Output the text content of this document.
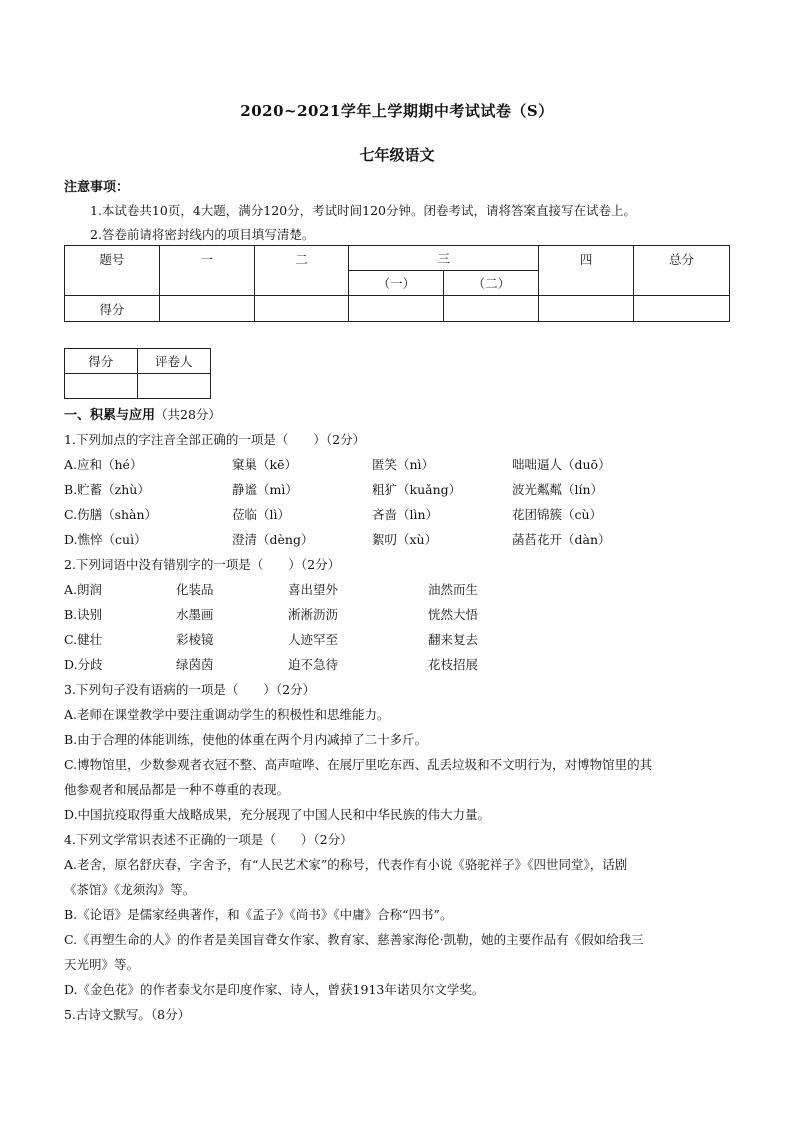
2020~2021学年上学期期中考试试卷（S）
七年级语文
注意事项：
1.本试卷共10页，4大题，满分120分，考试时间120分钟。闭卷考试，请将答案直接写在试卷上。
2.答卷前请将密封线内的项目填写清楚。
题号	一	二	三		四	总分
			（一）	（二）		
得分						
得分	评卷人

一、积累与应用（共28分）
1.下列加点的字注音全部正确的一项是（　　）（2分）
A.应和（hé）	窠巢（kē）	匿笑（nì）	咄咄逼人（duō）
B.贮蓄（zhù）	静谧（mì）	粗犷（kuǎng）	波光粼粼（lín）
C.伤膳（shàn）	莅临（lì）	吝啬（lìn）	花团锦簇（cù）
D.憔悴（cuì）	澄清（dèng）	絮叨（xù）	菡萏花开（dàn）
2.下列词语中没有错别字的一项是（　　）（2分）
A.朗润	化装品	喜出望外	油然而生
B.诀别	水墨画	淅淅沥沥	恍然大悟
C.健壮	彩棱镜	人迹罕至	翻来复去
D.分歧	绿茵茵	迫不急待	花枝招展
3.下列句子没有语病的一项是（　　）（2分）
A.老师在课堂教学中要注重调动学生的积极性和思维能力。
B.由于合理的体能训练，使他的体重在两个月内减掉了二十多斤。
C.博物馆里，少数参观者衣冠不整、高声喧哗、在展厅里吃东西、乱丢垃圾和不文明行为，对博物馆里的其
他参观者和展品都是一种不尊重的表现。
D.中国抗疫取得重大战略成果，充分展现了中国人民和中华民族的伟大力量。
4.下列文学常识表述不正确的一项是（　　）（2分）
A.老舍，原名舒庆春，字舍予，有“人民艺术家”的称号，代表作有小说《骆驼祥子》《四世同堂》，话剧
《茶馆》《龙须沟》等。
B.《论语》是儒家经典著作，和《孟子》《尚书》《中庸》合称“四书”。
C.《再塑生命的人》的作者是美国盲聋女作家、教育家、慈善家海伦·凯勒，她的主要作品有《假如给我三
天光明》等。
D.《金色花》的作者泰戈尔是印度作家、诗人，曾获1913年诺贝尔文学奖。
5.古诗文默写。（8分）
